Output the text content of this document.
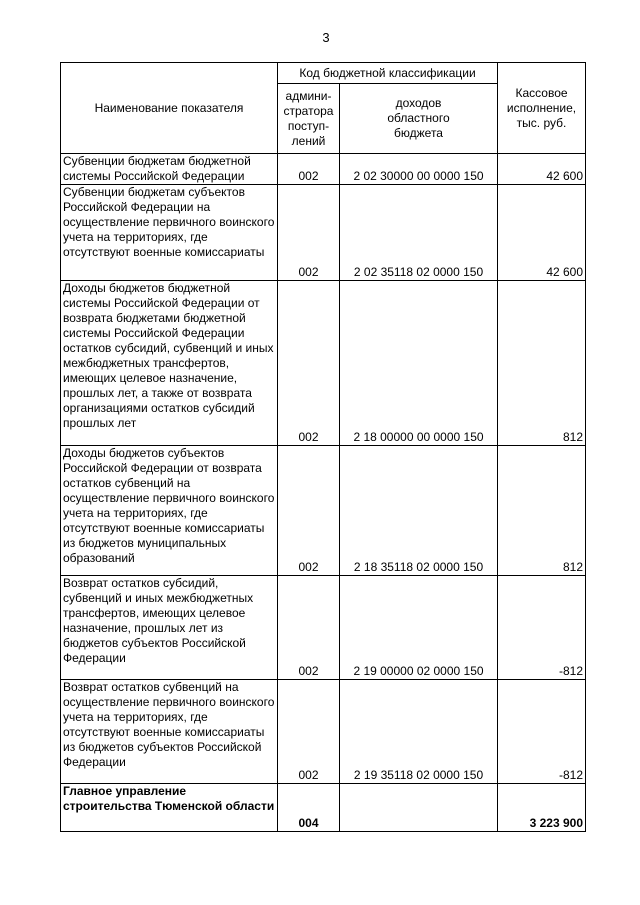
3
Наименование показателя	Код бюджетной классификации		Кассовое
исполнение,
тыс. руб.
	админи-
стратора
поступ-
лений	доходов
областного
бюджета	
Субвенции бюджетам бюджетной системы Российской Федерации	002	2 02 30000 00 0000 150	42 600
Субвенции бюджетам субъектов Российской Федерации на осуществление первичного воинского учета на территориях, где отсутствуют военные комиссариаты	002	2 02 35118 02 0000 150	42 600
Доходы бюджетов бюджетной системы Российской Федерации от возврата бюджетами бюджетной системы Российской Федерации остатков субсидий, субвенций и иных межбюджетных трансфертов, имеющих целевое назначение, прошлых лет, а также от возврата организациями остатков субсидий прошлых лет	002	2 18 00000 00 0000 150	812
Доходы бюджетов субъектов Российской Федерации от возврата остатков субвенций на осуществление первичного воинского учета на территориях, где отсутствуют военные комиссариаты из бюджетов муниципальных образований	002	2 18 35118 02 0000 150	812
Возврат остатков субсидий, субвенций и иных межбюджетных трансфертов, имеющих целевое назначение, прошлых лет из бюджетов субъектов Российской Федерации	002	2 19 00000 02 0000 150	-812
Возврат остатков субвенций на осуществление первичного воинского учета на территориях, где отсутствуют военные комиссариаты из бюджетов субъектов Российской Федерации	002	2 19 35118 02 0000 150	-812
Главное управление строительства Тюменской области	004		3 223 900
